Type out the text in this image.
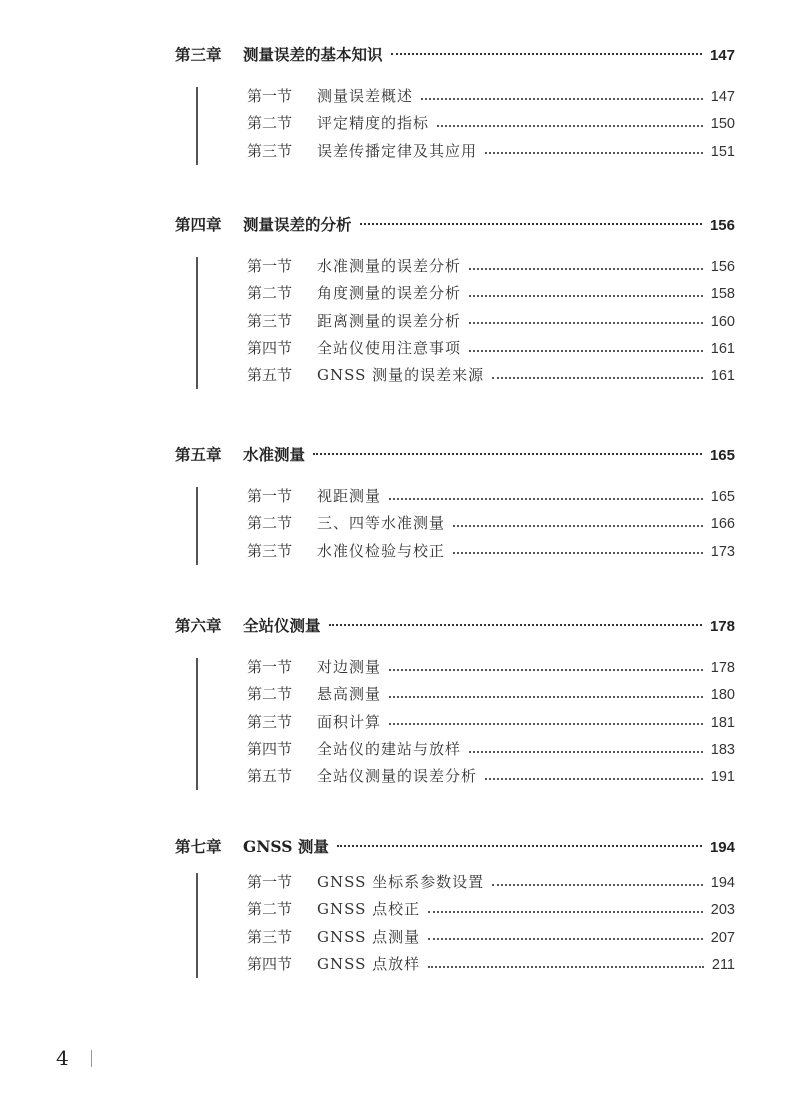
第三章	测量误差的基本知识	147
第一节	测量误差概述	147
第二节	评定精度的指标	150
第三节	误差传播定律及其应用	151
第四章	测量误差的分析	156
第一节	水准测量的误差分析	156
第二节	角度测量的误差分析	158
第三节	距离测量的误差分析	160
第四节	全站仪使用注意事项	161
第五节	GNSS 测量的误差来源	161
第五章	水准测量	165
第一节	视距测量	165
第二节	三、四等水准测量	166
第三节	水准仪检验与校正	173
第六章	全站仪测量	178
第一节	对边测量	178
第二节	悬高测量	180
第三节	面积计算	181
第四节	全站仪的建站与放样	183
第五节	全站仪测量的误差分析	191
第七章	GNSS 测量	194
第一节	GNSS 坐标系参数设置	194
第二节	GNSS 点校正	203
第三节	GNSS 点测量	207
第四节	GNSS 点放样	211
4
